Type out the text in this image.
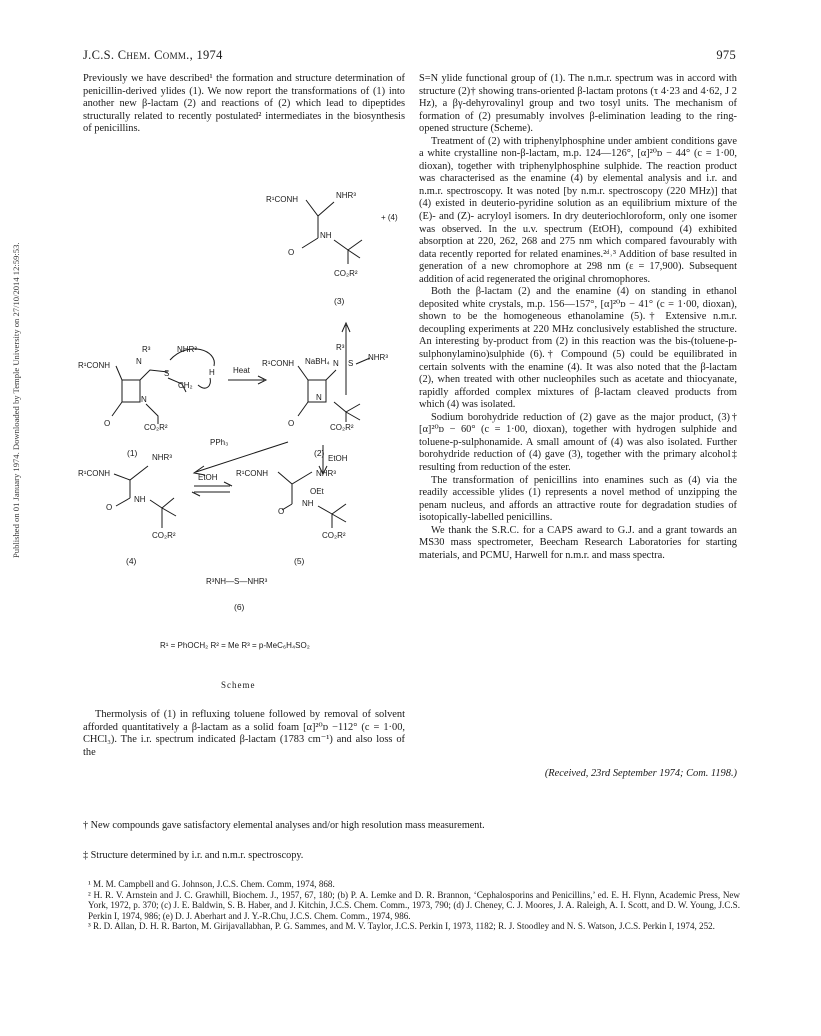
J.C.S. Chem. Comm., 1974	975
Published on 01 January 1974. Downloaded by Temple University on 27/10/2014 12:59:53.

Previously we have described¹ the formation and structure determination of penicillin-derived ylides (1). We now report the transformations of (1) into another new β-lactam (2) and reactions of (2) which lead to dipeptides structurally related to recently postulated² intermediates in the biosynthesis of penicillins.

R¹CONH	NHR³
+ (4)
NH
O
CO₂R²
(3)
NaBH₄
R¹CONH
R³	NHR³
N
S	H
CH₂
N
O	CO₂R²
(1)
Heat
R¹CONH
R³
N S
NHR³
N
O	CO₂R²
(2)
PPh₃
EtOH
R¹CONH
NHR³
NH
O
CO₂R²
(4)
EtOH R¹CONH	NHR³
OEt
NH
O
CO₂R²
(5)
R³NH—S—NHR³
(6)
R¹ = PhOCH₂ R² = Me R³ = p-MeC₆H₄SO₂
Scheme

Thermolysis of (1) in refluxing toluene followed by removal of solvent afforded quantitatively a β-lactam as a solid foam [α]²⁰ᴅ −112° (c = 1·00, CHCl₃). The i.r. spectrum indicated β-lactam (1783 cm⁻¹) and also loss of the

S=N ylide functional group of (1). The n.m.r. spectrum was in accord with structure (2)† showing trans-oriented β-lactam protons (τ 4·23 and 4·62, J 2 Hz), a βγ-dehyrovalinyl group and two tosyl units. The mechanism of formation of (2) presumably involves β-elimination leading to the ring-opened structure (Scheme).

Treatment of (2) with triphenylphosphine under ambient conditions gave a white crystalline non-β-lactam, m.p. 124—126°, [α]²⁰ᴅ − 44° (c = 1·00, dioxan), together with triphenylphosphine sulphide. The reaction product was characterised as the enamine (4) by elemental analysis and i.r. and n.m.r. spectroscopy. It was noted [by n.m.r. spectroscopy (220 MHz)] that (4) existed in deuterio-pyridine solution as an equilibrium mixture of the (E)- and (Z)- acryloyl isomers. In dry deuteriochloroform, only one isomer was observed. In the u.v. spectrum (EtOH), compound (4) exhibited absorption at 220, 262, 268 and 275 nm which compared favourably with data recently reported for related enamines.²ᵈ˒³ Addition of base resulted in generation of a new chromophore at 298 nm (ε = 17,900). Subsequent addition of acid regenerated the original chromophores.

Both the β-lactam (2) and the enamine (4) on standing in ethanol deposited white crystals, m.p. 156—157°, [α]²⁰ᴅ − 41° (c = 1·00, dioxan), shown to be the homogeneous ethanolamine (5).† Extensive n.m.r. decoupling experiments at 220 MHz conclusively established the structure. An interesting by-product from (2) in this reaction was the bis-(toluene-p-sulphonylamino)sulphide (6).† Compound (5) could be equilibrated in certain solvents with the enamine (4). It was also noted that the β-lactam (2), when treated with other nucleophiles such as acetate and thiocyanate, rapidly afforded complex mixtures of β-lactam cleaved products from which (4) was isolated.

Sodium borohydride reduction of (2) gave as the major product, (3)† [α]²⁰ᴅ − 60° (c = 1·00, dioxan), together with hydrogen sulphide and toluene-p-sulphonamide. A small amount of (4) was also isolated. Further borohydride reduction of (4) gave (3), together with the primary alcohol‡ resulting from reduction of the ester.

The transformation of penicillins into enamines such as (4) via the readily accessible ylides (1) represents a novel method of unzipping the penam nucleus, and affords an attractive route for degradation studies of isotopically-labelled penicillins.

We thank the S.R.C. for a CAPS award to G.J. and a grant towards an MS30 mass spectrometer, Beecham Research Laboratories for starting materials, and PCMU, Harwell for n.m.r. and mass spectra.

(Received, 23rd September 1974; Com. 1198.)
† New compounds gave satisfactory elemental analyses and/or high resolution mass measurement.
‡ Structure determined by i.r. and n.m.r. spectroscopy.

¹ M. M. Campbell and G. Johnson, J.C.S. Chem. Comm, 1974, 868.

² H. R. V. Arnstein and J. C. Grawhill, Biochem. J., 1957, 67, 180; (b) P. A. Lemke and D. R. Brannon, ‘Cephalosporins and Penicillins,’ ed. E. H. Flynn, Academic Press, New York, 1972, p. 370; (c) J. E. Baldwin, S. B. Haber, and J. Kitchin, J.C.S. Chem. Comm., 1973, 790; (d) J. Cheney, C. J. Moores, J. A. Raleigh, A. I. Scott, and D. W. Young, J.C.S. Perkin I, 1974, 986; (e) D. J. Aberhart and J. Y.-R.Chu, J.C.S. Chem. Comm., 1974, 986.

³ R. D. Allan, D. H. R. Barton, M. Girijavallabhan, P. G. Sammes, and M. V. Taylor, J.C.S. Perkin I, 1973, 1182; R. J. Stoodley and N. S. Watson, J.C.S. Perkin I, 1974, 252.
